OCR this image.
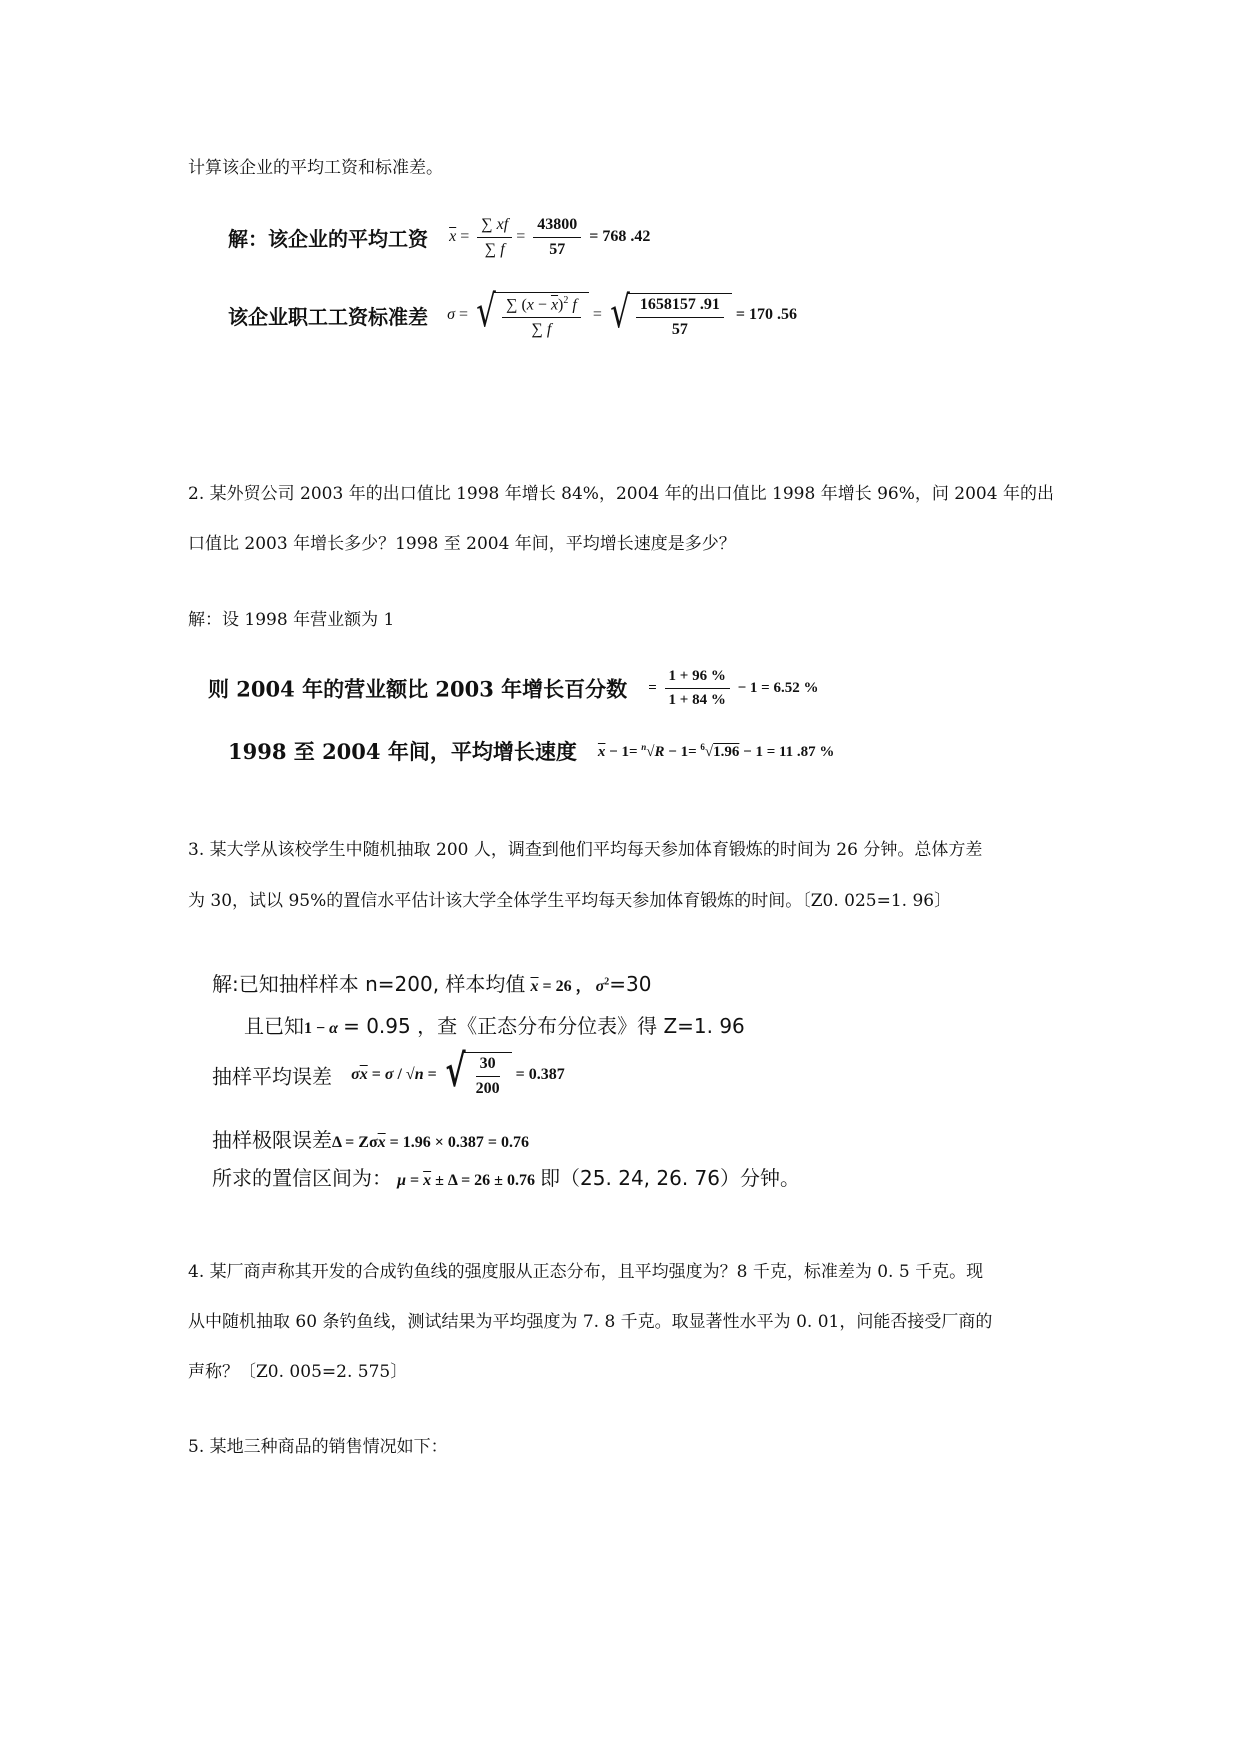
计算该企业的平均工资和标准差。
解：该企业的平均工资 $\overline{x} = \frac{\sum xf}{\sum f} = \frac{43800}{57} = 768$ .42
该企业职工工资标准差 σ = √ $\frac{\sum (x - \overline{x})^2 f}{\sum f}$ = √ $\frac{1658157 .91}{57} = 170$ .56
2. 某外贸公司 2003 年的出口值比 1998 年增长 84%，2004 年的出口值比 1998 年增长 96%，问 2004 年的出
口值比 2003 年增长多少？1998 至 2004 年间，平均增长速度是多少？
解：设 1998 年营业额为 1
则 2004 年的营业额比 2003 年增长百分数 = $\frac{1 + 96 \%}{1 + 84 \%} - 1 = 6.52$ %
1998 至 2004 年间，平均增长速度 $\overline{x} - 1= ^n√R - 1= ^6√1.96 - 1 = 11$ .87 %
3. 某大学从该校学生中随机抽取 200 人，调查到他们平均每天参加体育锻炼的时间为 26 分钟。总体方差
为 30，试以 95%的置信水平估计该大学全体学生平均每天参加体育锻炼的时间。〔Z0. 025=1. 96〕
解:已知抽样样本 n=200, 样本均值 $\overline{x} = 26$ ， $\sigma^2=30$
且已知1 − α = 0.95 ，查《正态分布分位表》得 Z=1. 96
抽样平均误差 $\sigma\overline{x} = \sigma / √n$ = √ $\frac{30}{200} = 0.387$
抽样极限误差$\Delta = Z\sigma\overline{x} = 1.96 \times 0.387 = 0.76$
所求的置信区间为： $\mu = \overline{x} \pm \Delta = 26 \pm 0.76$ 即（25. 24, 26. 76）分钟。
4. 某厂商声称其开发的合成钓鱼线的强度服从正态分布，且平均强度为？8 千克，标准差为 0. 5 千克。现
从中随机抽取 60 条钓鱼线，测试结果为平均强度为 7. 8 千克。取显著性水平为 0. 01，问能否接受厂商的
声称？〔Z0. 005=2. 575〕
5. 某地三种商品的销售情况如下：
